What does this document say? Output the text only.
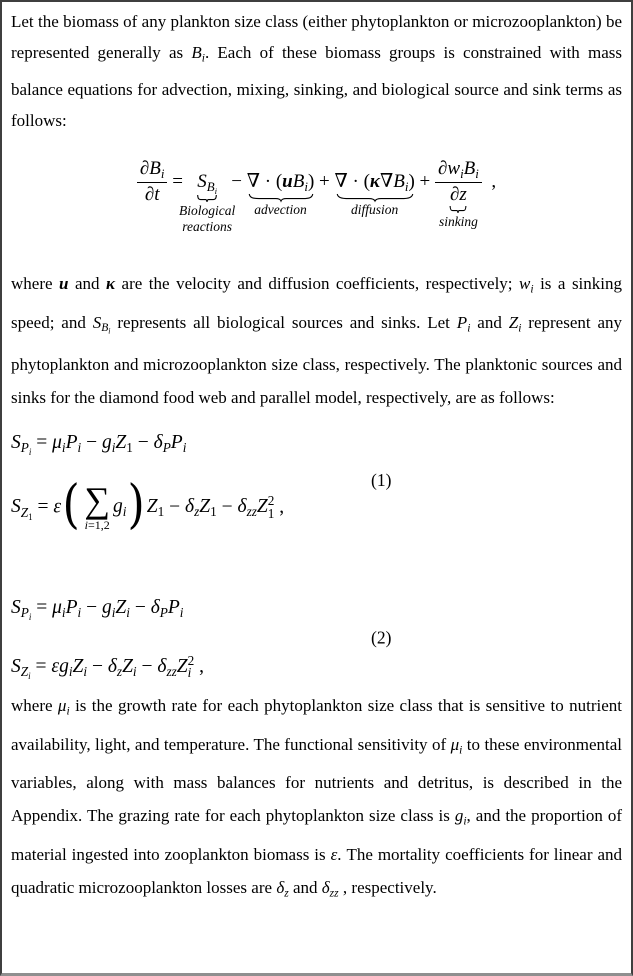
Let the biomass of any plankton size class (either phytoplankton or microzooplankton) be represented generally as $B_i$. Each of these biomass groups is constrained with mass balance equations for advection, mixing, sinking, and biological source and sink terms as follows:

$\frac{\partial B_i}{\partial t} = S_{B_i}$
Biological
reactions
− ∇ · $(uB_i)$
advection
+ ∇ · $(\kappa\nabla B_i)$
diffusion
+ $\partial w_iB_i$
∂z
sinking ,

where u and κ are the velocity and diffusion coefficients, respectively; $w_i$ is a sinking speed; and $S_{B_i}$ represents all biological sources and sinks. Let $P_i$ and $Z_i$ represent any phytoplankton and microzooplankton size class, respectively. The planktonic sources and sinks for the diamond food web and parallel model, respectively, are as follows:

$S_{P_i} = \mu_iP_i - g_iZ_1 - \delta_PP_i$
$S_{Z_1} = \varepsilon$( ∑
i=1,2
$g_i)Z_1 - \delta_zZ_1 - \delta_{zz}Z$ 2
1 ,
(1)
$S_{P_i} = \mu_iP_i - g_iZ_i - \delta_PP_i$
$S_{Z_i} = \varepsilon g_iZ_i - \delta_zZ_i - \delta_{zz}Z$ 2
i ,
(2)

where $\mu_i$ is the growth rate for each phytoplankton size class that is sensitive to nutrient availability, light, and temperature. The functional sensitivity of $\mu_i$ to these environmental variables, along with mass balances for nutrients and detritus, is described in the Appendix. The grazing rate for each phytoplankton size class is $g_i$, and the proportion of material ingested into zooplankton biomass is ε. The mortality coefficients for linear and quadratic microzooplankton losses are $\delta_z$ and $\delta_{zz}$ , respectively.
